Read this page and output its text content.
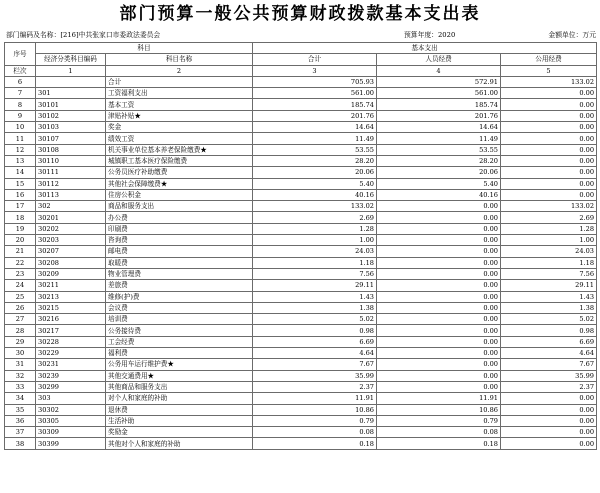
部门预算一般公共预算财政拨款基本支出表
部门编码及名称：[216]中共张家口市委政法委员会	预算年度：2020	金额单位：万元
序号	科目		基本支出		
	经济分类科目编码	科目名称	合计	人员经费	公用经费
栏次	1	2	3	4	5
6		合计	705.93	572.91	133.02
7	301	工资福利支出	561.00	561.00	0.00
8	30101	基本工资	185.74	185.74	0.00
9	30102	津贴补贴★	201.76	201.76	0.00
10	30103	奖金	14.64	14.64	0.00
11	30107	绩效工资	11.49	11.49	0.00
12	30108	机关事业单位基本养老保险缴费★	53.55	53.55	0.00
13	30110	城镇职工基本医疗保险缴费	28.20	28.20	0.00
14	30111	公务员医疗补助缴费	20.06	20.06	0.00
15	30112	其他社会保障缴费★	5.40	5.40	0.00
16	30113	住房公积金	40.16	40.16	0.00
17	302	商品和服务支出	133.02	0.00	133.02
18	30201	办公费	2.69	0.00	2.69
19	30202	印刷费	1.28	0.00	1.28
20	30203	咨询费	1.00	0.00	1.00
21	30207	邮电费	24.03	0.00	24.03
22	30208	取暖费	1.18	0.00	1.18
23	30209	物业管理费	7.56	0.00	7.56
24	30211	差旅费	29.11	0.00	29.11
25	30213	维修(护)费	1.43	0.00	1.43
26	30215	会议费	1.38	0.00	1.38
27	30216	培训费	5.02	0.00	5.02
28	30217	公务接待费	0.98	0.00	0.98
29	30228	工会经费	6.69	0.00	6.69
30	30229	福利费	4.64	0.00	4.64
31	30231	公务用车运行维护费★	7.67	0.00	7.67
32	30239	其他交通费用★	35.99	0.00	35.99
33	30299	其他商品和服务支出	2.37	0.00	2.37
34	303	对个人和家庭的补助	11.91	11.91	0.00
35	30302	退休费	10.86	10.86	0.00
36	30305	生活补助	0.79	0.79	0.00
37	30309	奖励金	0.08	0.08	0.00
38	30399	其他对个人和家庭的补助	0.18	0.18	0.00
